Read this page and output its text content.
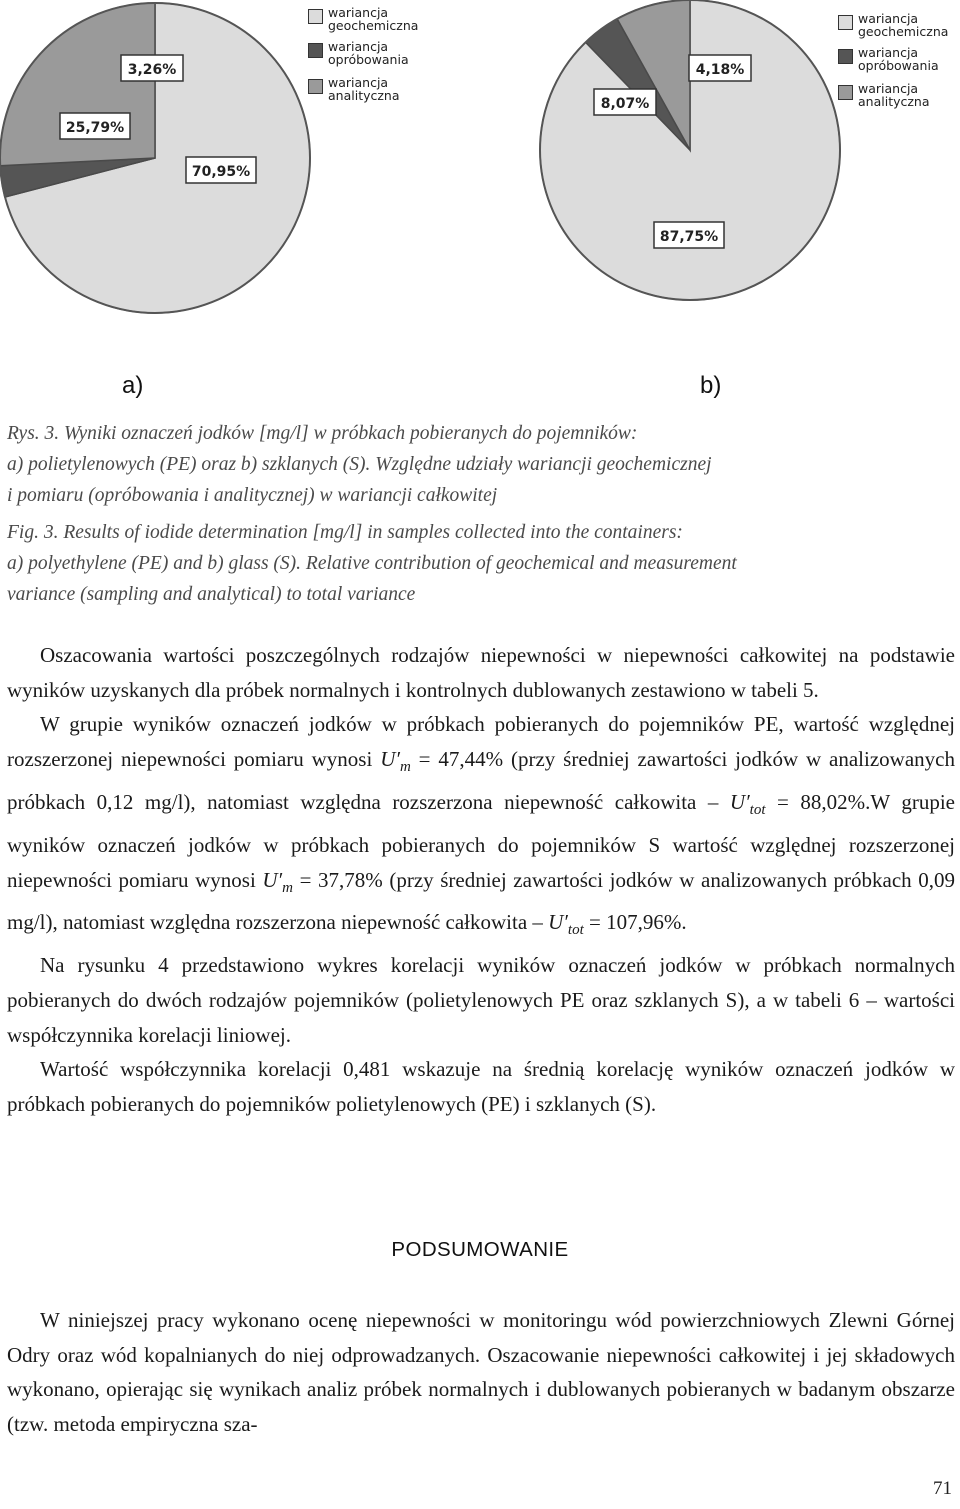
70,95%
3,26%
25,79%
87,75%
4,18%
8,07%
wariancja geochemiczna
wariancja opróbowania
wariancja analityczna
wariancja geochemiczna
wariancja opróbowania
wariancja analityczna
a)	b)
Rys. 3. Wyniki oznaczeń jodków [mg/l] w próbkach pobieranych do pojemników:
a) polietylenowych (PE) oraz b) szklanych (S). Względne udziały wariancji geochemicznej
i pomiaru (opróbowania i analitycznej) w wariancji całkowitej
Fig. 3. Results of iodide determination [mg/l] in samples collected into the containers:
a) polyethylene (PE) and b) glass (S). Relative contribution of geochemical and measurement
variance (sampling and analytical) to total variance

Oszacowania wartości poszczególnych rodzajów niepewności w niepewności całkowitej na podstawie wyników uzyskanych dla próbek normalnych i kontrolnych dublowanych zestawiono w tabeli 5.

W grupie wyników oznaczeń jodków w próbkach pobieranych do pojemników PE, wartość względnej rozszerzonej niepewności pomiaru wynosi $U'_m = 47,44\%$ (przy średniej zawartości jodków w analizowanych próbkach 0,12 mg/l), natomiast względna rozszerzona niepewność całkowita – $U'_{tot} = 88,02\%.W$ grupie wyników oznaczeń jodków w próbkach pobieranych do pojemników S wartość względnej rozszerzonej niepewności pomiaru wynosi $U'_m = 37,78\%$ (przy średniej zawartości jodków w analizowanych próbkach 0,09 mg/l), natomiast względna rozszerzona niepewność całkowita – $U'_{tot} = 107,96\%$.

Na rysunku 4 przedstawiono wykres korelacji wyników oznaczeń jodków w próbkach normalnych pobieranych do dwóch rodzajów pojemników (polietylenowych PE oraz szklanych S), a w tabeli 6 – wartości współczynnika korelacji liniowej.

Wartość współczynnika korelacji 0,481 wskazuje na średnią korelację wyników oznaczeń jodków w próbkach pobieranych do pojemników polietylenowych (PE) i szklanych (S).

PODSUMOWANIE

W niniejszej pracy wykonano ocenę niepewności w monitoringu wód powierzchniowych Zlewni Górnej Odry oraz wód kopalnianych do niej odprowadzanych. Oszacowanie niepewności całkowitej i jej składowych wykonano, opierając się wynikach analiz próbek normalnych i dublowanych pobieranych w badanym obszarze (tzw. metoda empiryczna sza-

71
